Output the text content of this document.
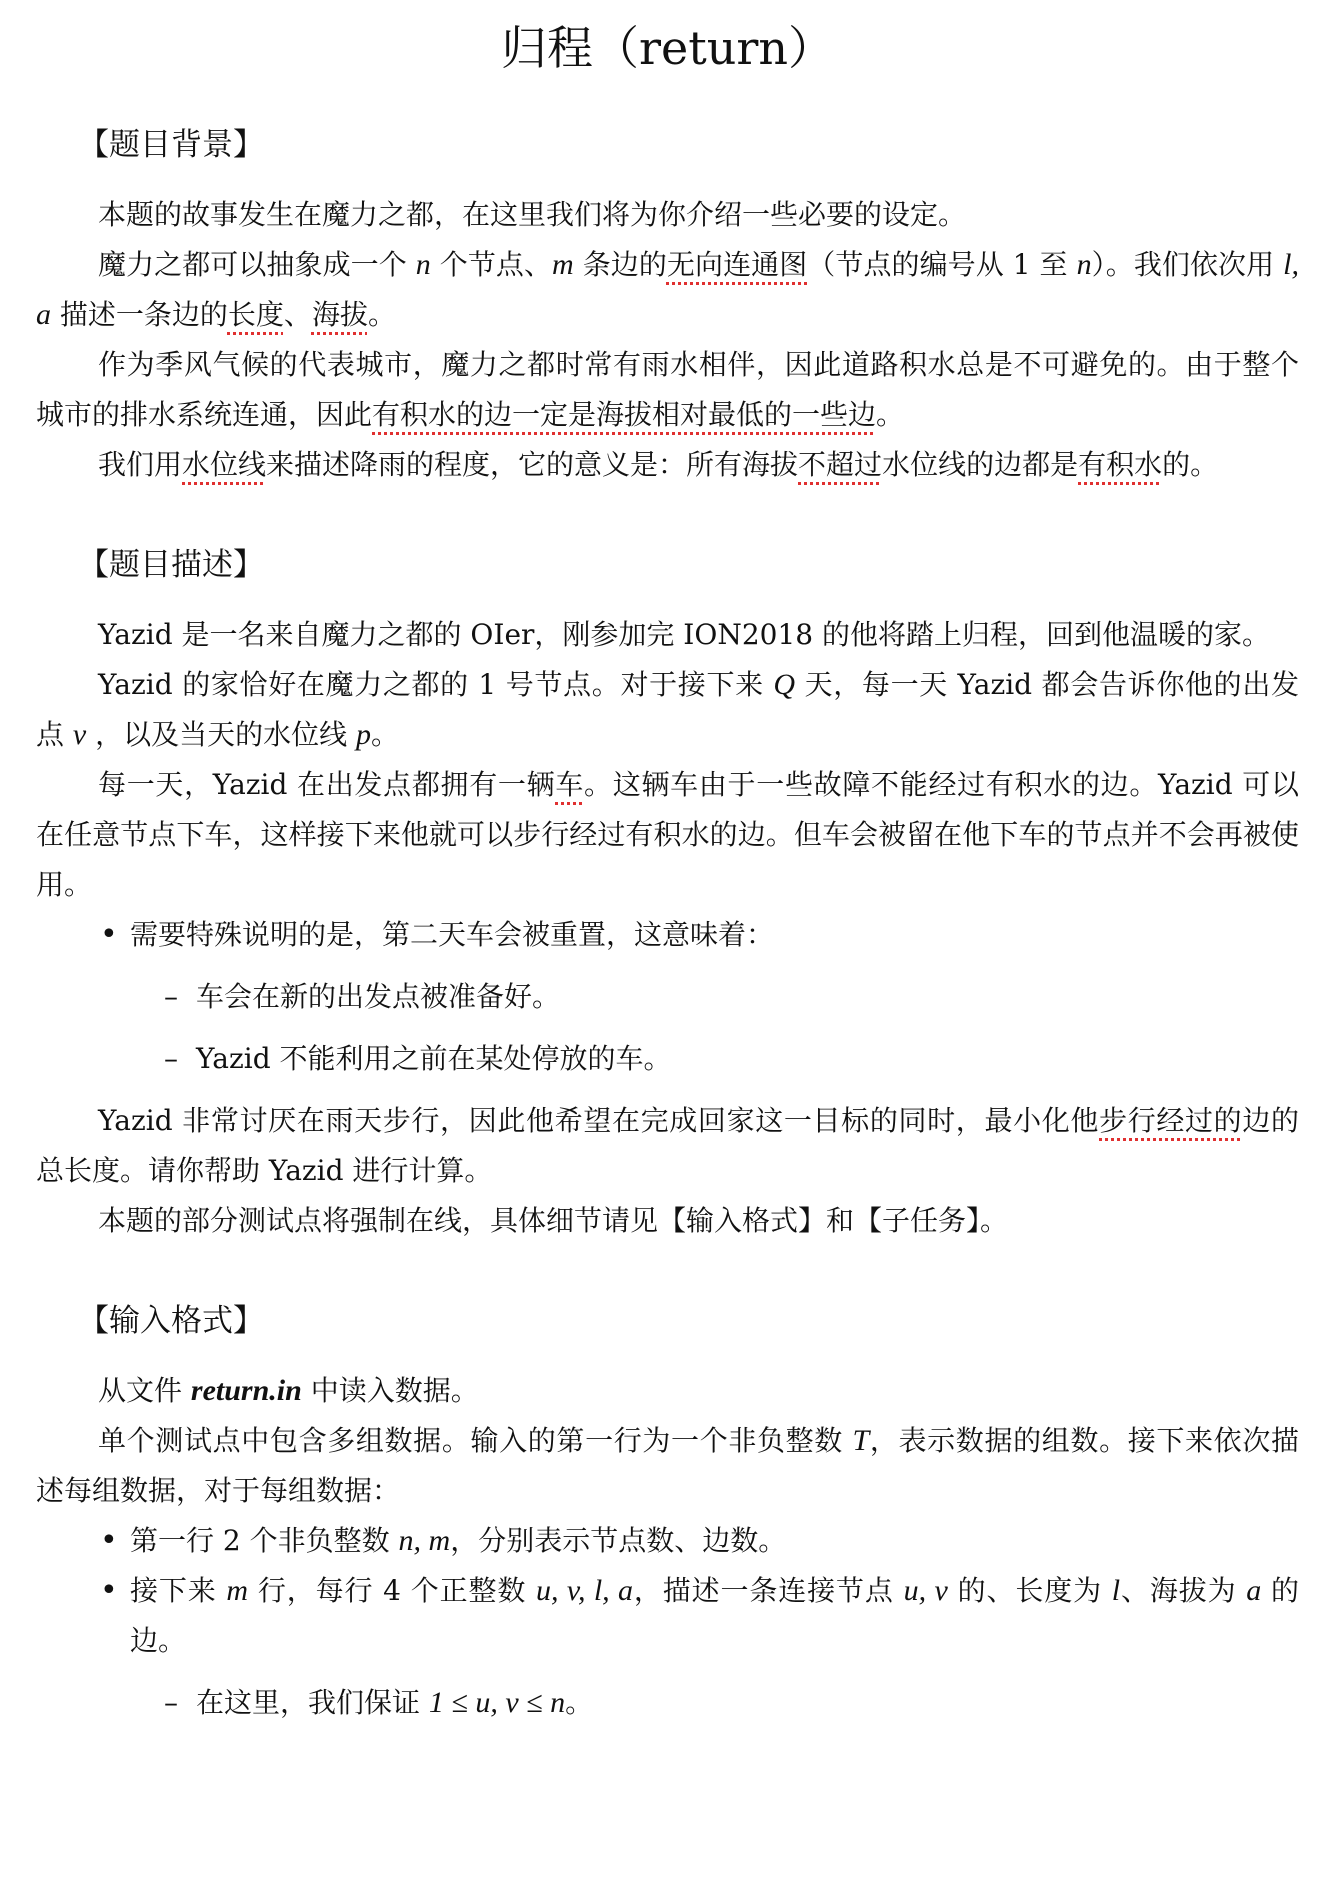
归程（return）
【题目背景】

本题的故事发生在魔力之都，在这里我们将为你介绍一些必要的设定。

魔力之都可以抽象成一个 n 个节点、m 条边的无向连通图（节点的编号从 1 至 n）。我们依次用 l, a 描述一条边的长度、海拔。

作为季风气候的代表城市，魔力之都时常有雨水相伴，因此道路积水总是不可避免的。由于整个城市的排水系统连通，因此有积水的边一定是海拔相对最低的一些边。

我们用水位线来描述降雨的程度，它的意义是：所有海拔不超过水位线的边都是有积水的。

【题目描述】

Yazid 是一名来自魔力之都的 OIer，刚参加完 ION2018 的他将踏上归程，回到他温暖的家。

Yazid 的家恰好在魔力之都的 1 号节点。对于接下来 Q 天，每一天 Yazid 都会告诉你他的出发点 v ，以及当天的水位线 p。

每一天，Yazid 在出发点都拥有一辆车。这辆车由于一些故障不能经过有积水的边。Yazid 可以在任意节点下车，这样接下来他就可以步行经过有积水的边。但车会被留在他下车的节点并不会再被使用。

• 需要特殊说明的是，第二天车会被重置，这意味着：
– 车会在新的出发点被准备好。
– Yazid 不能利用之前在某处停放的车。

Yazid 非常讨厌在雨天步行，因此他希望在完成回家这一目标的同时，最小化他步行经过的边的总长度。请你帮助 Yazid 进行计算。

本题的部分测试点将强制在线，具体细节请见【输入格式】和【子任务】。

【输入格式】

从文件 return.in 中读入数据。

单个测试点中包含多组数据。输入的第一行为一个非负整数 T，表示数据的组数。接下来依次描述每组数据，对于每组数据：

• 第一行 2 个非负整数 n, m，分别表示节点数、边数。
• 接下来 m 行，每行 4 个正整数 u, v, l, a，描述一条连接节点 u, v 的、长度为 l、海拔为 a 的边。
– 在这里，我们保证 1 ≤ u, v ≤ n。
